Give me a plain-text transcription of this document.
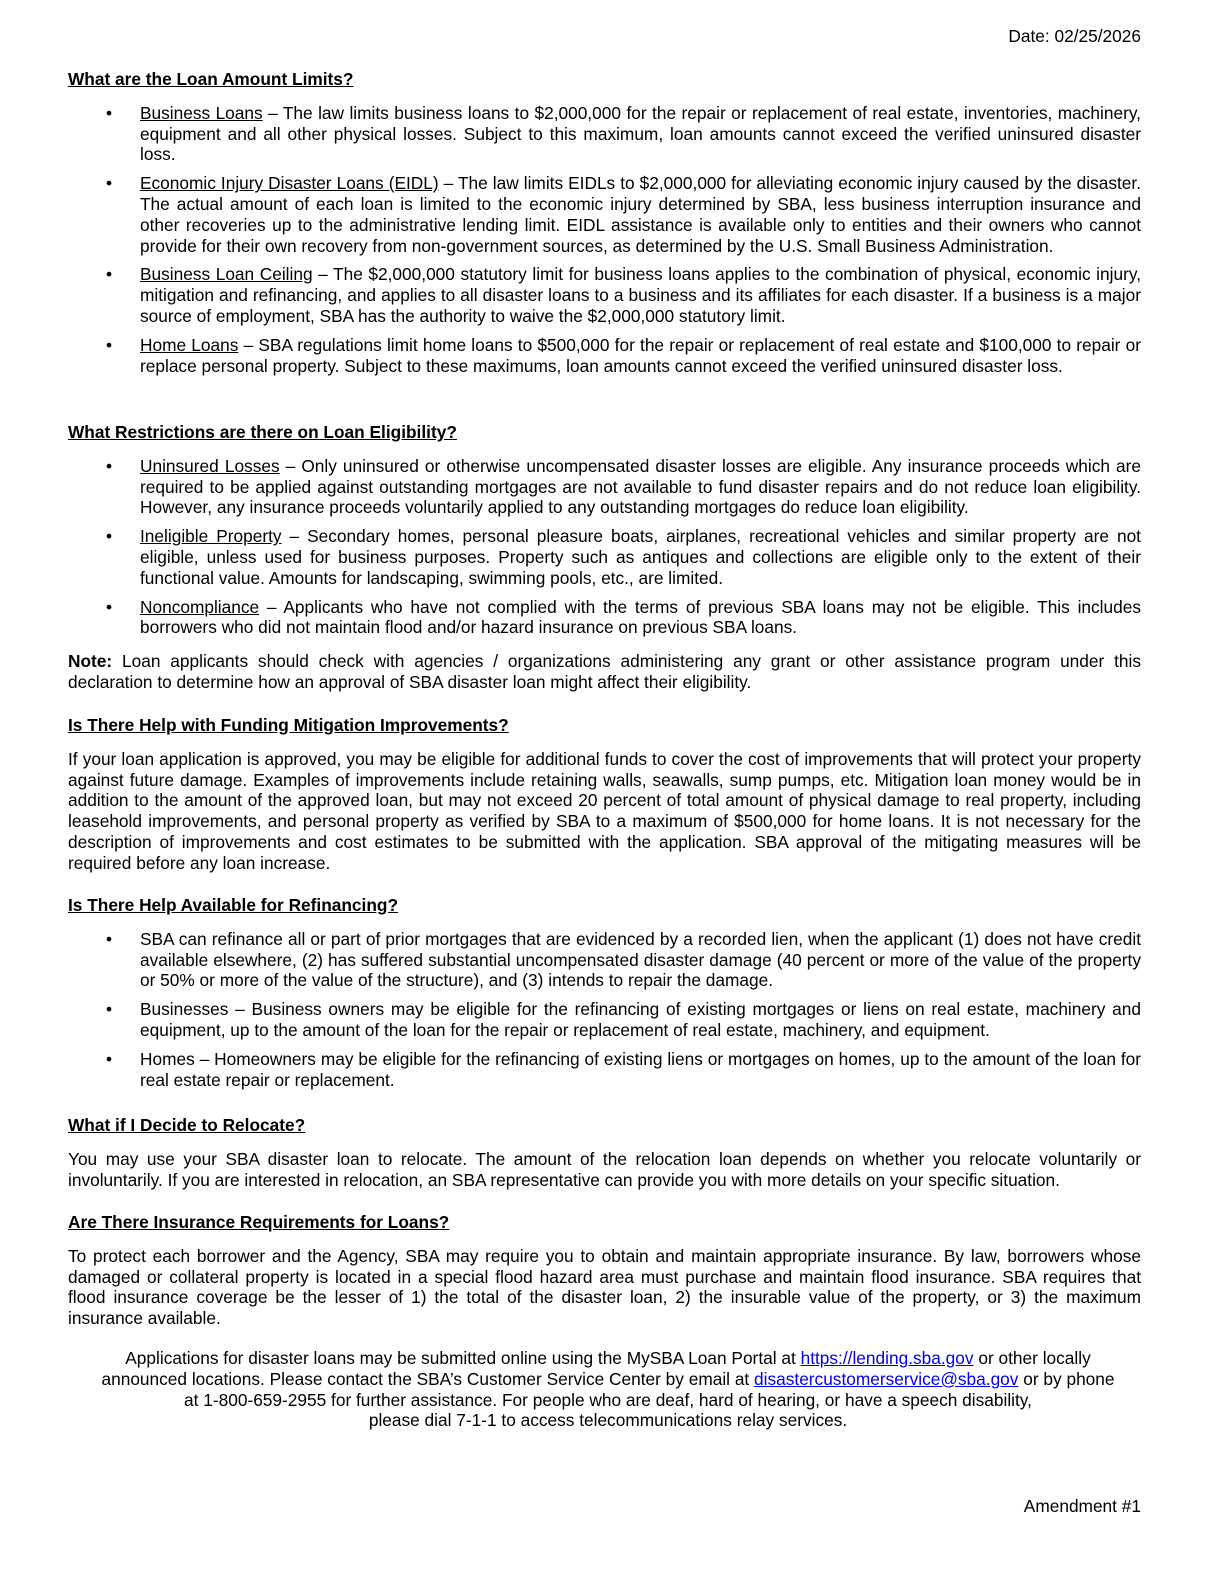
Date: 02/25/2026
What are the Loan Amount Limits?
• Business Loans – The law limits business loans to $2,000,000 for the repair or replacement of real estate, inventories, machinery, equipment and all other physical losses. Subject to this maximum, loan amounts cannot exceed the verified uninsured disaster loss.
• Economic Injury Disaster Loans (EIDL) – The law limits EIDLs to $2,000,000 for alleviating economic injury caused by the disaster. The actual amount of each loan is limited to the economic injury determined by SBA, less business interruption insurance and other recoveries up to the administrative lending limit. EIDL assistance is available only to entities and their owners who cannot provide for their own recovery from non-government sources, as determined by the U.S. Small Business Administration.
• Business Loan Ceiling – The $2,000,000 statutory limit for business loans applies to the combination of physical, economic injury, mitigation and refinancing, and applies to all disaster loans to a business and its affiliates for each disaster. If a business is a major source of employment, SBA has the authority to waive the $2,000,000 statutory limit.
• Home Loans – SBA regulations limit home loans to $500,000 for the repair or replacement of real estate and $100,000 to repair or replace personal property. Subject to these maximums, loan amounts cannot exceed the verified uninsured disaster loss.
What Restrictions are there on Loan Eligibility?
• Uninsured Losses – Only uninsured or otherwise uncompensated disaster losses are eligible. Any insurance proceeds which are required to be applied against outstanding mortgages are not available to fund disaster repairs and do not reduce loan eligibility. However, any insurance proceeds voluntarily applied to any outstanding mortgages do reduce loan eligibility.
• Ineligible Property – Secondary homes, personal pleasure boats, airplanes, recreational vehicles and similar property are not eligible, unless used for business purposes. Property such as antiques and collections are eligible only to the extent of their functional value. Amounts for landscaping, swimming pools, etc., are limited.
• Noncompliance – Applicants who have not complied with the terms of previous SBA loans may not be eligible. This includes borrowers who did not maintain flood and/or hazard insurance on previous SBA loans.

Note: Loan applicants should check with agencies / organizations administering any grant or other assistance program under this declaration to determine how an approval of SBA disaster loan might affect their eligibility.

Is There Help with Funding Mitigation Improvements?

If your loan application is approved, you may be eligible for additional funds to cover the cost of improvements that will protect your property against future damage. Examples of improvements include retaining walls, seawalls, sump pumps, etc. Mitigation loan money would be in addition to the amount of the approved loan, but may not exceed 20 percent of total amount of physical damage to real property, including leasehold improvements, and personal property as verified by SBA to a maximum of $500,000 for home loans. It is not necessary for the description of improvements and cost estimates to be submitted with the application. SBA approval of the mitigating measures will be required before any loan increase.

Is There Help Available for Refinancing?
• SBA can refinance all or part of prior mortgages that are evidenced by a recorded lien, when the applicant (1) does not have credit available elsewhere, (2) has suffered substantial uncompensated disaster damage (40 percent or more of the value of the property or 50% or more of the value of the structure), and (3) intends to repair the damage.
• Businesses – Business owners may be eligible for the refinancing of existing mortgages or liens on real estate, machinery and equipment, up to the amount of the loan for the repair or replacement of real estate, machinery, and equipment.
• Homes – Homeowners may be eligible for the refinancing of existing liens or mortgages on homes, up to the amount of the loan for real estate repair or replacement.
What if I Decide to Relocate?

You may use your SBA disaster loan to relocate. The amount of the relocation loan depends on whether you relocate voluntarily or involuntarily. If you are interested in relocation, an SBA representative can provide you with more details on your specific situation.

Are There Insurance Requirements for Loans?

To protect each borrower and the Agency, SBA may require you to obtain and maintain appropriate insurance. By law, borrowers whose damaged or collateral property is located in a special flood hazard area must purchase and maintain flood insurance. SBA requires that flood insurance coverage be the lesser of 1) the total of the disaster loan, 2) the insurable value of the property, or 3) the maximum insurance available.

Applications for disaster loans may be submitted online using the MySBA Loan Portal at https://lending.sba.gov or other locally
announced locations. Please contact the SBA’s Customer Service Center by email at disastercustomerservice@sba.gov or by phone
at 1-800-659-2955 for further assistance. For people who are deaf, hard of hearing, or have a speech disability,
please dial 7-1-1 to access telecommunications relay services.
Amendment #1
